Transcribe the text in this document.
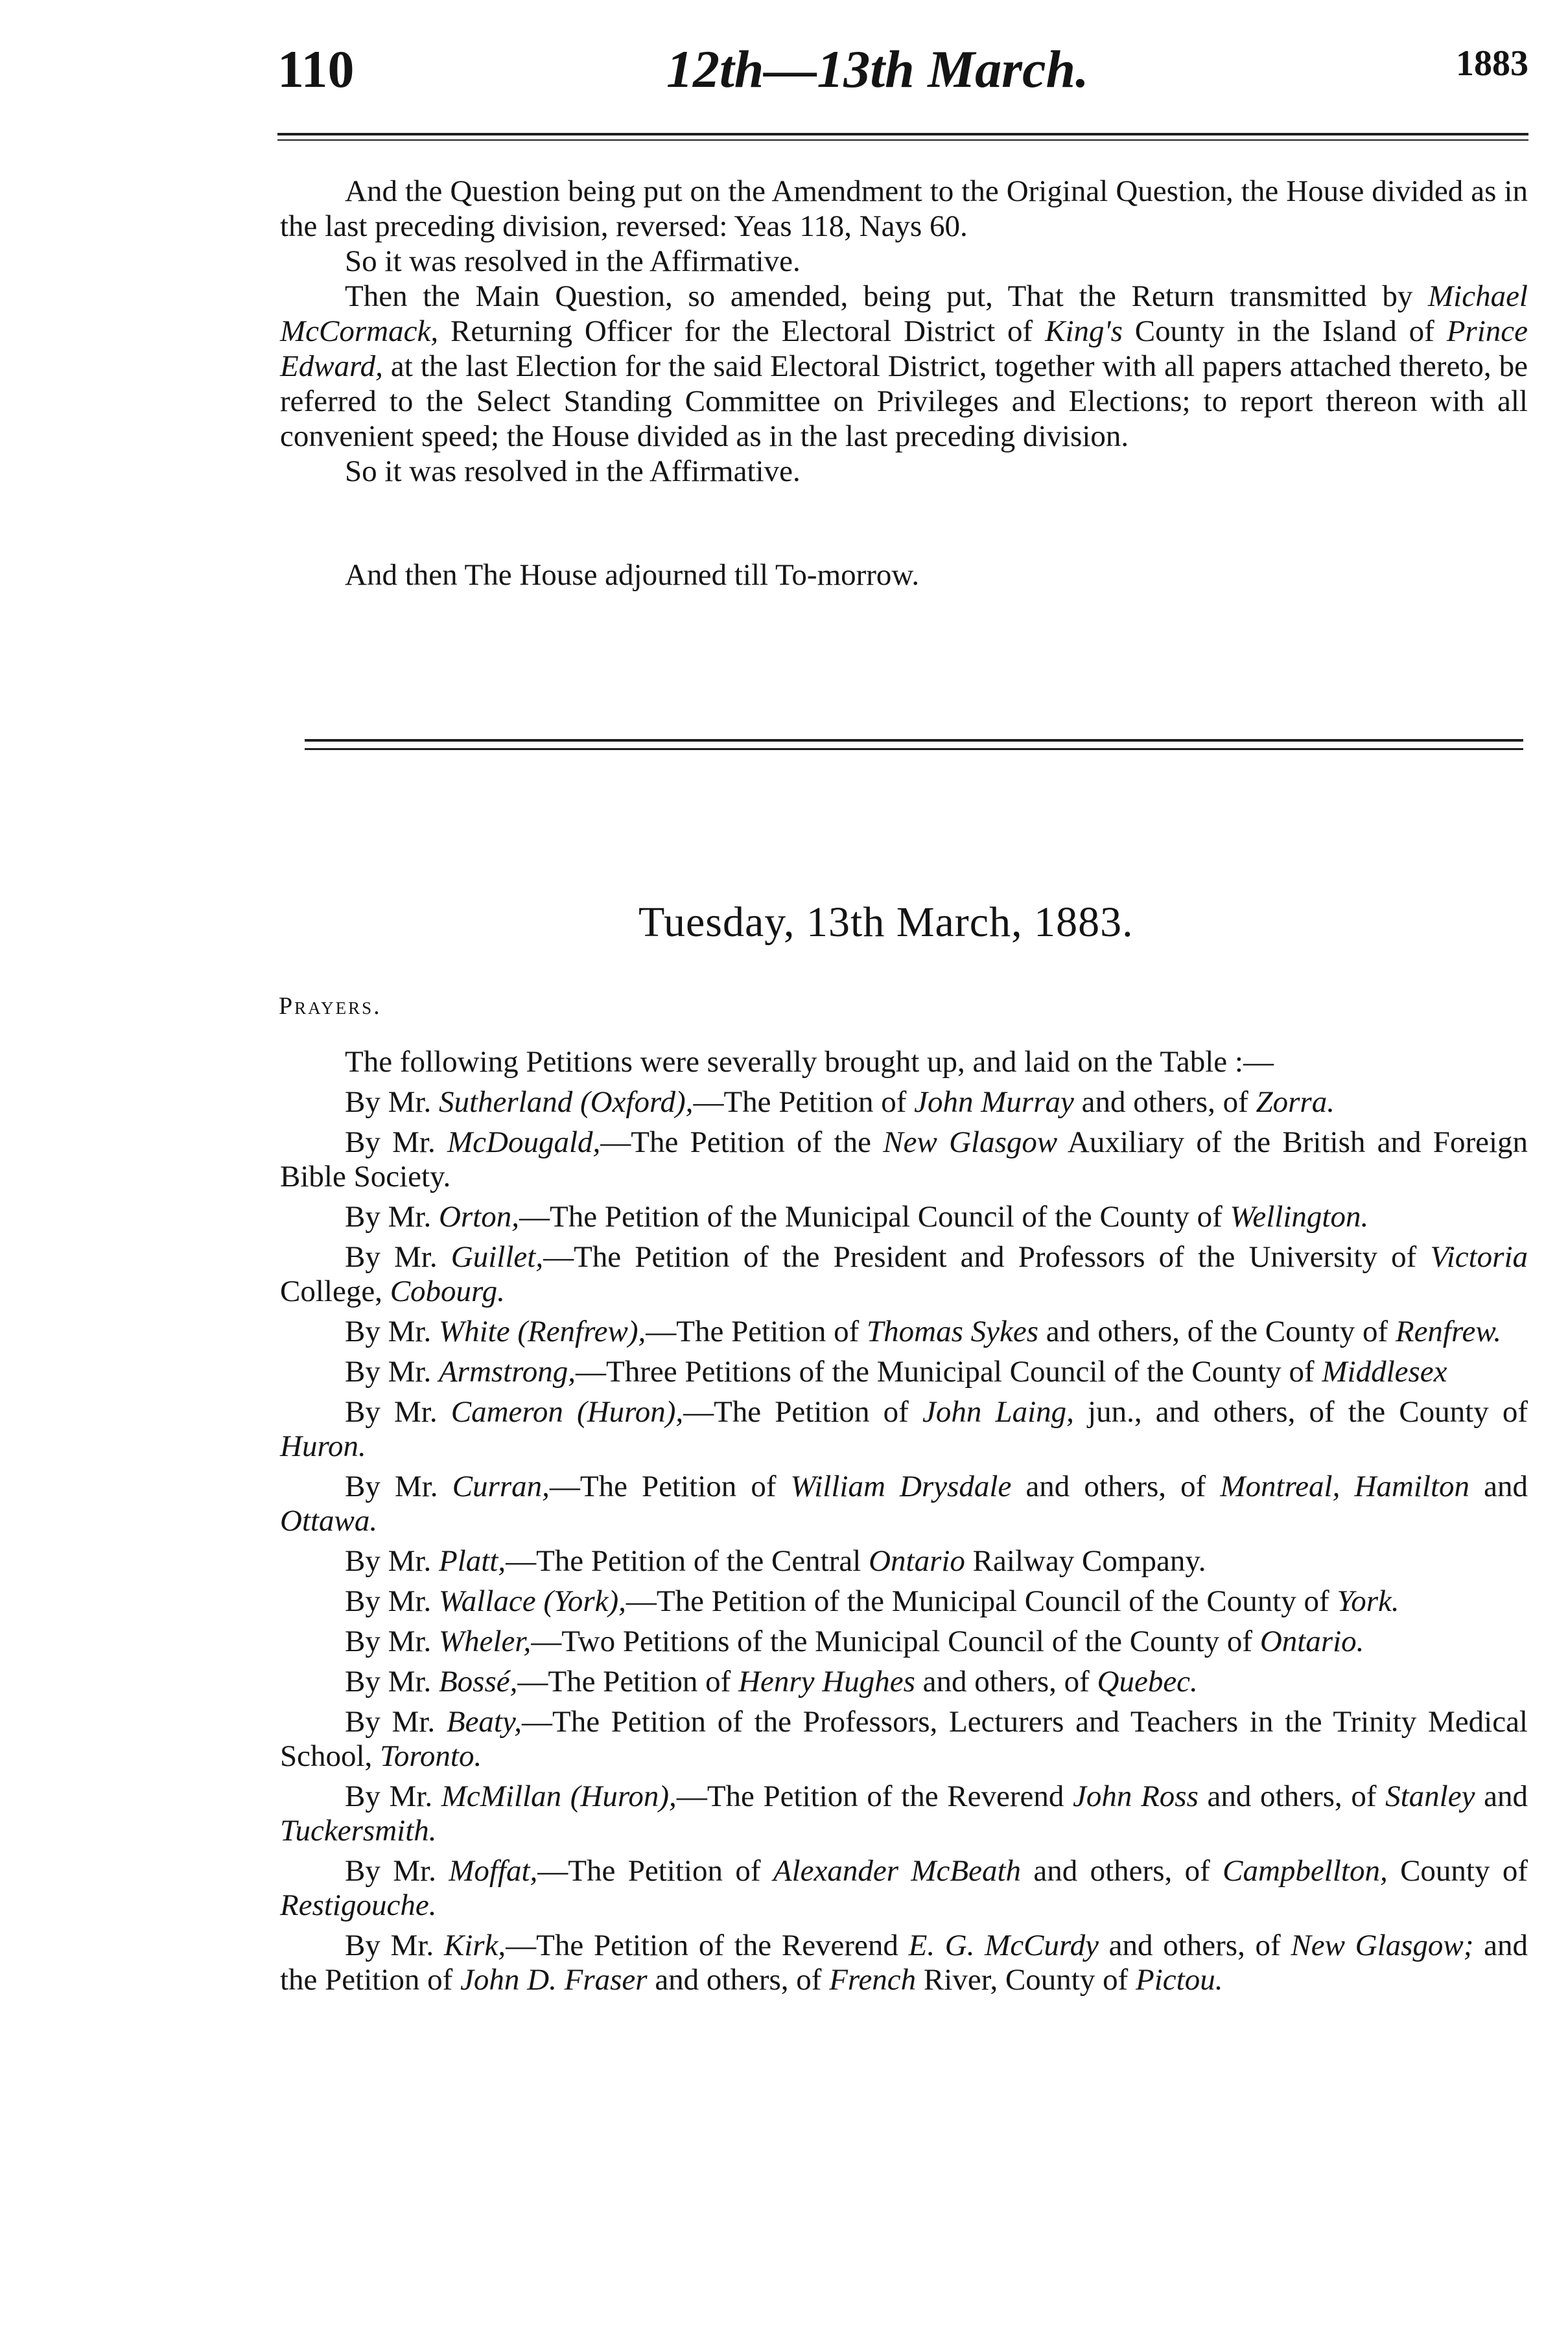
110	12th—13th March.	1883

And the Question being put on the Amendment to the Original Question, the House divided as in the last preceding division, reversed: Yeas 118, Nays 60.

So it was resolved in the Affirmative.

Then the Main Question, so amended, being put, That the Return transmitted by Michael McCormack, Returning Officer for the Electoral District of King's County in the Island of Prince Edward, at the last Election for the said Electoral District, together with all papers attached thereto, be referred to the Select Standing Committee on Privileges and Elections; to report thereon with all convenient speed; the House divided as in the last preceding division.

So it was resolved in the Affirmative.

And then The House adjourned till To-morrow.
Tuesday, 13th March, 1883.
Prayers.

The following Petitions were severally brought up, and laid on the Table :—

By Mr. Sutherland (Oxford),—The Petition of John Murray and others, of Zorra.

By Mr. McDougald,—The Petition of the New Glasgow Auxiliary of the British and Foreign Bible Society.

By Mr. Orton,—The Petition of the Municipal Council of the County of Wellington.

By Mr. Guillet,—The Petition of the President and Professors of the University of Victoria College, Cobourg.

By Mr. White (Renfrew),—The Petition of Thomas Sykes and others, of the County of Renfrew.

By Mr. Armstrong,—Three Petitions of the Municipal Council of the County of Middlesex

By Mr. Cameron (Huron),—The Petition of John Laing, jun., and others, of the County of Huron.

By Mr. Curran,—The Petition of William Drysdale and others, of Montreal, Hamilton and Ottawa.

By Mr. Platt,—The Petition of the Central Ontario Railway Company.

By Mr. Wallace (York),—The Petition of the Municipal Council of the County of York.

By Mr. Wheler,—Two Petitions of the Municipal Council of the County of Ontario.

By Mr. Bossé,—The Petition of Henry Hughes and others, of Quebec.

By Mr. Beaty,—The Petition of the Professors, Lecturers and Teachers in the Trinity Medical School, Toronto.

By Mr. McMillan (Huron),—The Petition of the Reverend John Ross and others, of Stanley and Tuckersmith.

By Mr. Moffat,—The Petition of Alexander McBeath and others, of Campbellton, County of Restigouche.

By Mr. Kirk,—The Petition of the Reverend E. G. McCurdy and others, of New Glasgow; and the Petition of John D. Fraser and others, of French River, County of Pictou.
